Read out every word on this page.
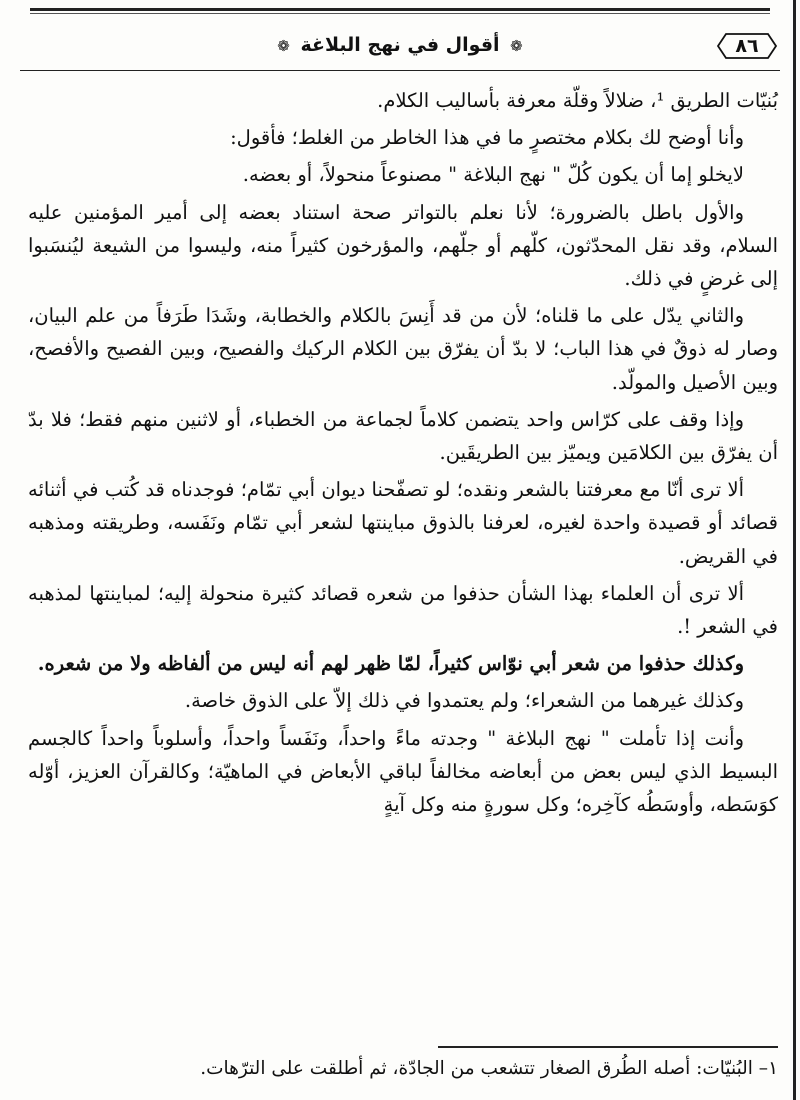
٨٦
❁ أقوال في نهج البلاغة ❁

بُنيّات الطريق ¹، ضلالاً وقلّة معرفة بأساليب الكلام.

وأنا أوضح لك بكلام مختصرٍ ما في هذا الخاطر من الغلط؛ فأقول:

لايخلو إما أن يكون كُلّ " نهج البلاغة " مصنوعاً منحولاً، أو بعضه.

والأول باطل بالضرورة؛ لأنا نعلم بالتواتر صحة استناد بعضه إلى أمير المؤمنين عليه السلام، وقد نقل المحدّثون، كلّهم أو جلّهم، والمؤرخون كثيراً منه، وليسوا من الشيعة ليُنسَبوا إلى غرضٍ في ذلك.

والثاني يدّل على ما قلناه؛ لأن من قد أَنِسَ بالكلام والخطابة، وشَدَا طَرَفاً من علم البيان، وصار له ذوقٌ في هذا الباب؛ لا بدّ أن يفرّق بين الكلام الركيك والفصيح، وبين الفصيح والأفصح، وبين الأصيل والمولّد.

وإذا وقف على كرّاس واحد يتضمن كلاماً لجماعة من الخطباء، أو لاثنين منهم فقط؛ فلا بدّ أن يفرّق بين الكلامَين ويميّز بين الطريقَين.

ألا ترى أنّا مع معرفتنا بالشعر ونقده؛ لو تصفّحنا ديوان أبي تمّام؛ فوجدناه قد كُتب في أثنائه قصائد أو قصيدة واحدة لغيره، لعرفنا بالذوق مباينتها لشعر أبي تمّام ونَفَسه، وطريقته ومذهبه في القريض.

ألا ترى أن العلماء بهذا الشأن حذفوا من شعره قصائد كثيرة منحولة إليه؛ لمباينتها لمذهبه في الشعر !.

وكذلك حذفوا من شعر أبي نوّاس كثيراً، لمّا ظهر لهم أنه ليس من ألفاظه ولا من شعره.

وكذلك غيرهما من الشعراء؛ ولم يعتمدوا في ذلك إلاّ على الذوق خاصة.

وأنت إذا تأملت " نهج البلاغة " وجدته ماءً واحداً، ونَفَساً واحداً، وأسلوباً واحداً كالجسم البسيط الذي ليس بعض من أبعاضه مخالفاً لباقي الأبعاض في الماهيّة؛ وكالقرآن العزيز، أوّله كوَسَطه، وأوسَطُه كآخِره؛ وكل سورةٍ منه وكل آيةٍ

١– البُنيّات: أصله الطُرق الصغار تتشعب من الجادّة، ثم أطلقت على الترّهات.
